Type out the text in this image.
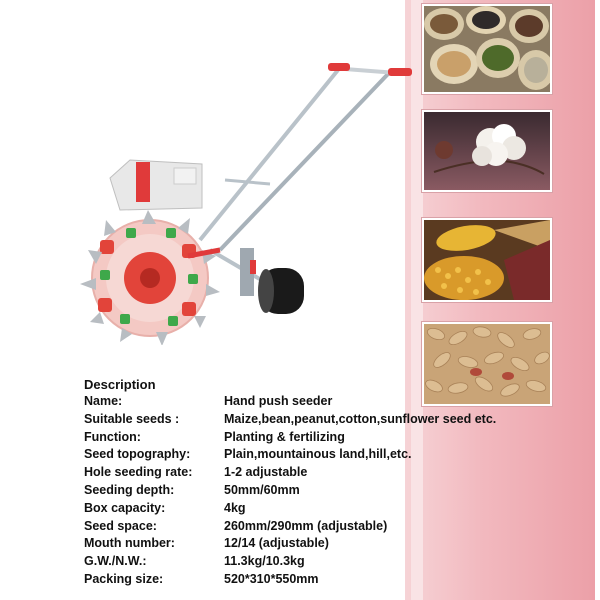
Description
Name:	Hand push seeder
Suitable seeds :	Maize,bean,peanut,cotton,sunflower seed etc.
Function:	Planting & fertilizing
Seed topography:	Plain,mountainous land,hill,etc.
Hole seeding rate:	1-2 adjustable
Seeding depth:	50mm/60mm
Box capacity:	4kg
Seed space:	260mm/290mm (adjustable)
Mouth number:	12/14 (adjustable)
G.W./N.W.:	11.3kg/10.3kg
Packing size:	520*310*550mm
